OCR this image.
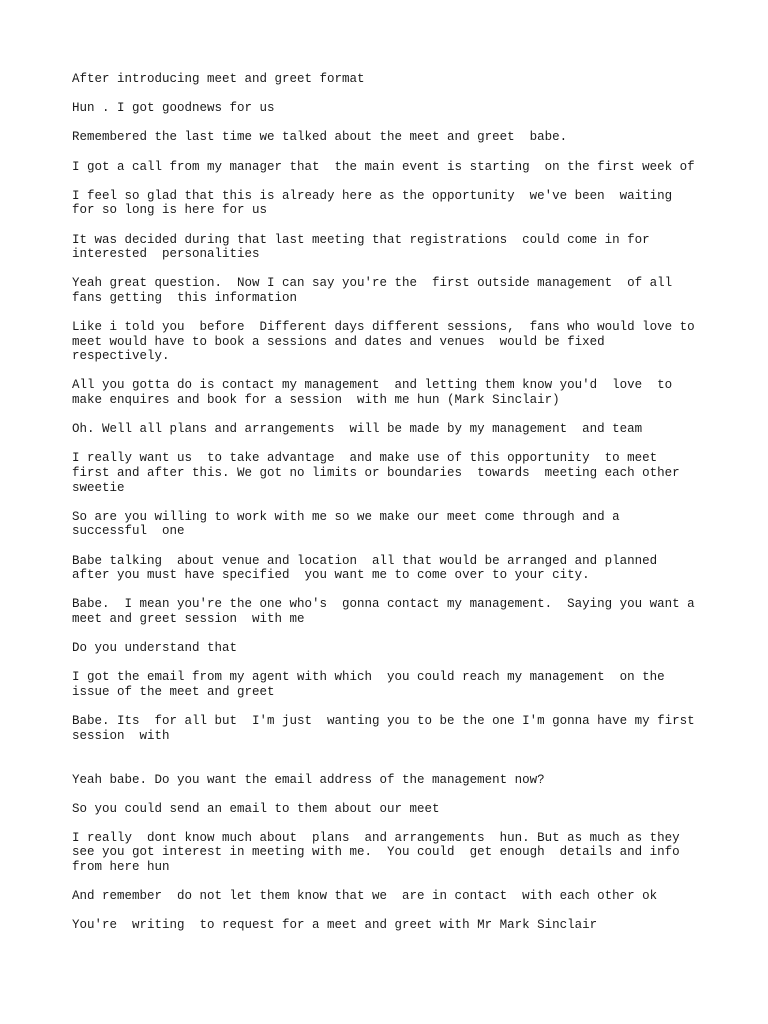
After introducing meet and greet format

Hun . I got goodnews for us

Remembered the last time we talked about the meet and greet  babe.

I got a call from my manager that  the main event is starting  on the first week of

I feel so glad that this is already here as the opportunity  we've been  waiting
for so long is here for us

It was decided during that last meeting that registrations  could come in for
interested  personalities

Yeah great question.  Now I can say you're the  first outside management  of all
fans getting  this information

Like i told you  before  Different days different sessions,  fans who would love to
meet would have to book a sessions and dates and venues  would be fixed
respectively.

All you gotta do is contact my management  and letting them know you'd  love  to
make enquires and book for a session  with me hun (Mark Sinclair)

Oh. Well all plans and arrangements  will be made by my management  and team

I really want us  to take advantage  and make use of this opportunity  to meet
first and after this. We got no limits or boundaries  towards  meeting each other
sweetie

So are you willing to work with me so we make our meet come through and a
successful  one

Babe talking  about venue and location  all that would be arranged and planned
after you must have specified  you want me to come over to your city.

Babe.  I mean you're the one who's  gonna contact my management.  Saying you want a
meet and greet session  with me

Do you understand that

I got the email from my agent with which  you could reach my management  on the
issue of the meet and greet

Babe. Its  for all but  I'm just  wanting you to be the one I'm gonna have my first
session  with

Yeah babe. Do you want the email address of the management now?

So you could send an email to them about our meet

I really  dont know much about  plans  and arrangements  hun. But as much as they
see you got interest in meeting with me.  You could  get enough  details and info
from here hun

And remember  do not let them know that we  are in contact  with each other ok

You're  writing  to request for a meet and greet with Mr Mark Sinclair
